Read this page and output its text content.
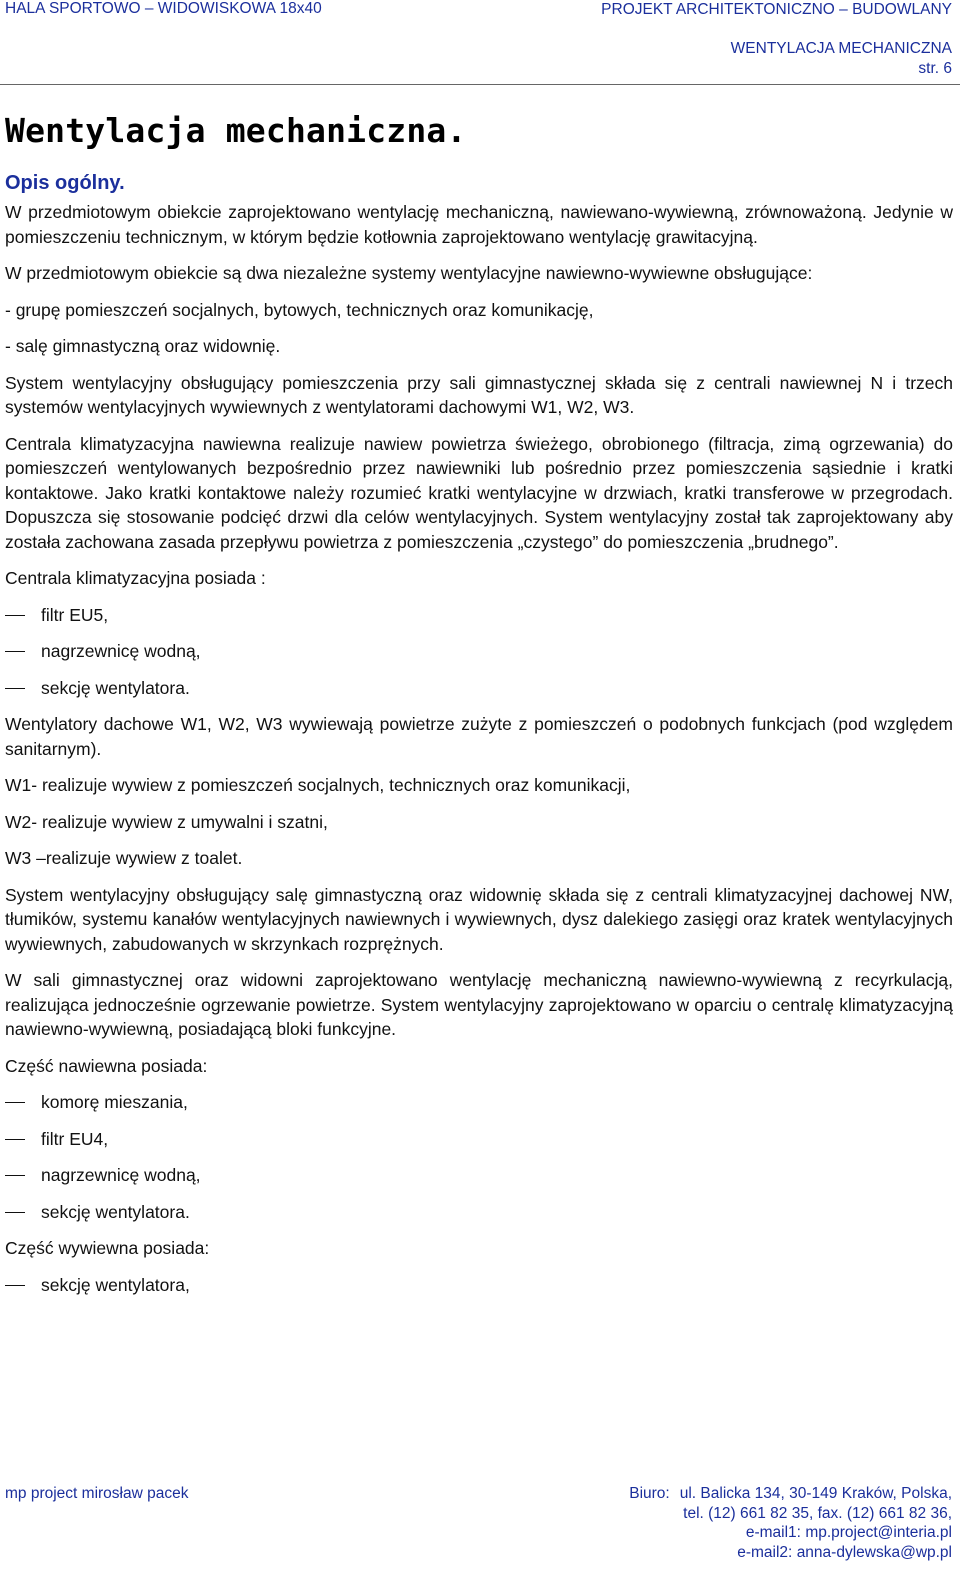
HALA SPORTOWO – WIDOWISKOWA 18x40	PROJEKT ARCHITEKTONICZNO – BUDOWLANY
WENTYLACJA MECHANICZNA
str. 6
Wentylacja mechaniczna.
Opis ogólny.

W przedmiotowym obiekcie zaprojektowano wentylację mechaniczną, nawiewano-wywiewną, zrównoważoną. Jedynie w pomieszczeniu technicznym, w którym będzie kotłownia zaprojektowano wentylację grawitacyjną.

W przedmiotowym obiekcie są dwa niezależne systemy wentylacyjne nawiewno-wywiewne obsługujące:

- grupę pomieszczeń socjalnych, bytowych, technicznych oraz komunikację,

- salę gimnastyczną oraz widownię.

System wentylacyjny obsługujący pomieszczenia przy sali gimnastycznej składa się z centrali nawiewnej N i trzech systemów wentylacyjnych wywiewnych z wentylatorami dachowymi W1, W2, W3.

Centrala klimatyzacyjna nawiewna realizuje nawiew powietrza świeżego, obrobionego (filtracja, zimą ogrzewania) do pomieszczeń wentylowanych bezpośrednio przez nawiewniki lub pośrednio przez pomieszczenia sąsiednie i kratki kontaktowe. Jako kratki kontaktowe należy rozumieć kratki wentylacyjne w drzwiach, kratki transferowe w przegrodach. Dopuszcza się stosowanie podcięć drzwi dla celów wentylacyjnych. System wentylacyjny został tak zaprojektowany aby została zachowana zasada przepływu powietrza z pomieszczenia „czystego” do pomieszczenia „brudnego”.

Centrala klimatyzacyjna posiada :

filtr EU5,
nagrzewnicę wodną,
sekcję wentylatora.

Wentylatory dachowe W1, W2, W3 wywiewają powietrze zużyte z pomieszczeń o podobnych funkcjach (pod względem sanitarnym).

W1- realizuje wywiew z pomieszczeń socjalnych, technicznych oraz komunikacji,

W2- realizuje wywiew z umywalni i szatni,

W3 –realizuje wywiew z toalet.

System wentylacyjny obsługujący salę gimnastyczną oraz widownię składa się z centrali klimatyzacyjnej dachowej NW, tłumików, systemu kanałów wentylacyjnych nawiewnych i wywiewnych, dysz dalekiego zasięgi oraz kratek wentylacyjnych wywiewnych, zabudowanych w skrzynkach rozprężnych.

W sali gimnastycznej oraz widowni zaprojektowano wentylację mechaniczną nawiewno-wywiewną z recyrkulacją, realizująca jednocześnie ogrzewanie powietrze. System wentylacyjny zaprojektowano w oparciu o centralę klimatyzacyjną nawiewno-wywiewną, posiadającą bloki funkcyjne.

Część nawiewna posiada:

komorę mieszania,
filtr EU4,
nagrzewnicę wodną,
sekcję wentylatora.

Część wywiewna posiada:

sekcję wentylatora,
mp project mirosław pacek	Biuro: ul. Balicka 134, 30-149 Kraków, Polska,
tel. (12) 661 82 35, fax. (12) 661 82 36,
e-mail1: mp.project@interia.pl
e-mail2: anna-dylewska@wp.pl
